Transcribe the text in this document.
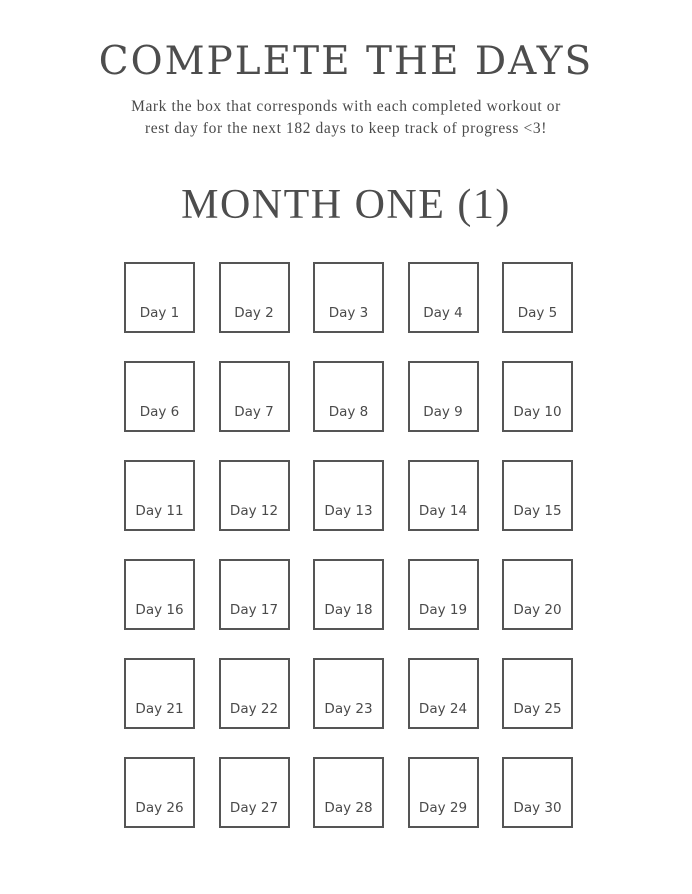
COMPLETE THE DAYS

Mark the box that corresponds with each completed workout or rest day for the next 182 days to keep track of progress <3!

MONTH ONE (1)
Day 1	Day 2	Day 3	Day 4	Day 5
Day 6	Day 7	Day 8	Day 9	Day 10
Day 11	Day 12	Day 13	Day 14	Day 15
Day 16	Day 17	Day 18	Day 19	Day 20
Day 21	Day 22	Day 23	Day 24	Day 25
Day 26	Day 27	Day 28	Day 29	Day 30
